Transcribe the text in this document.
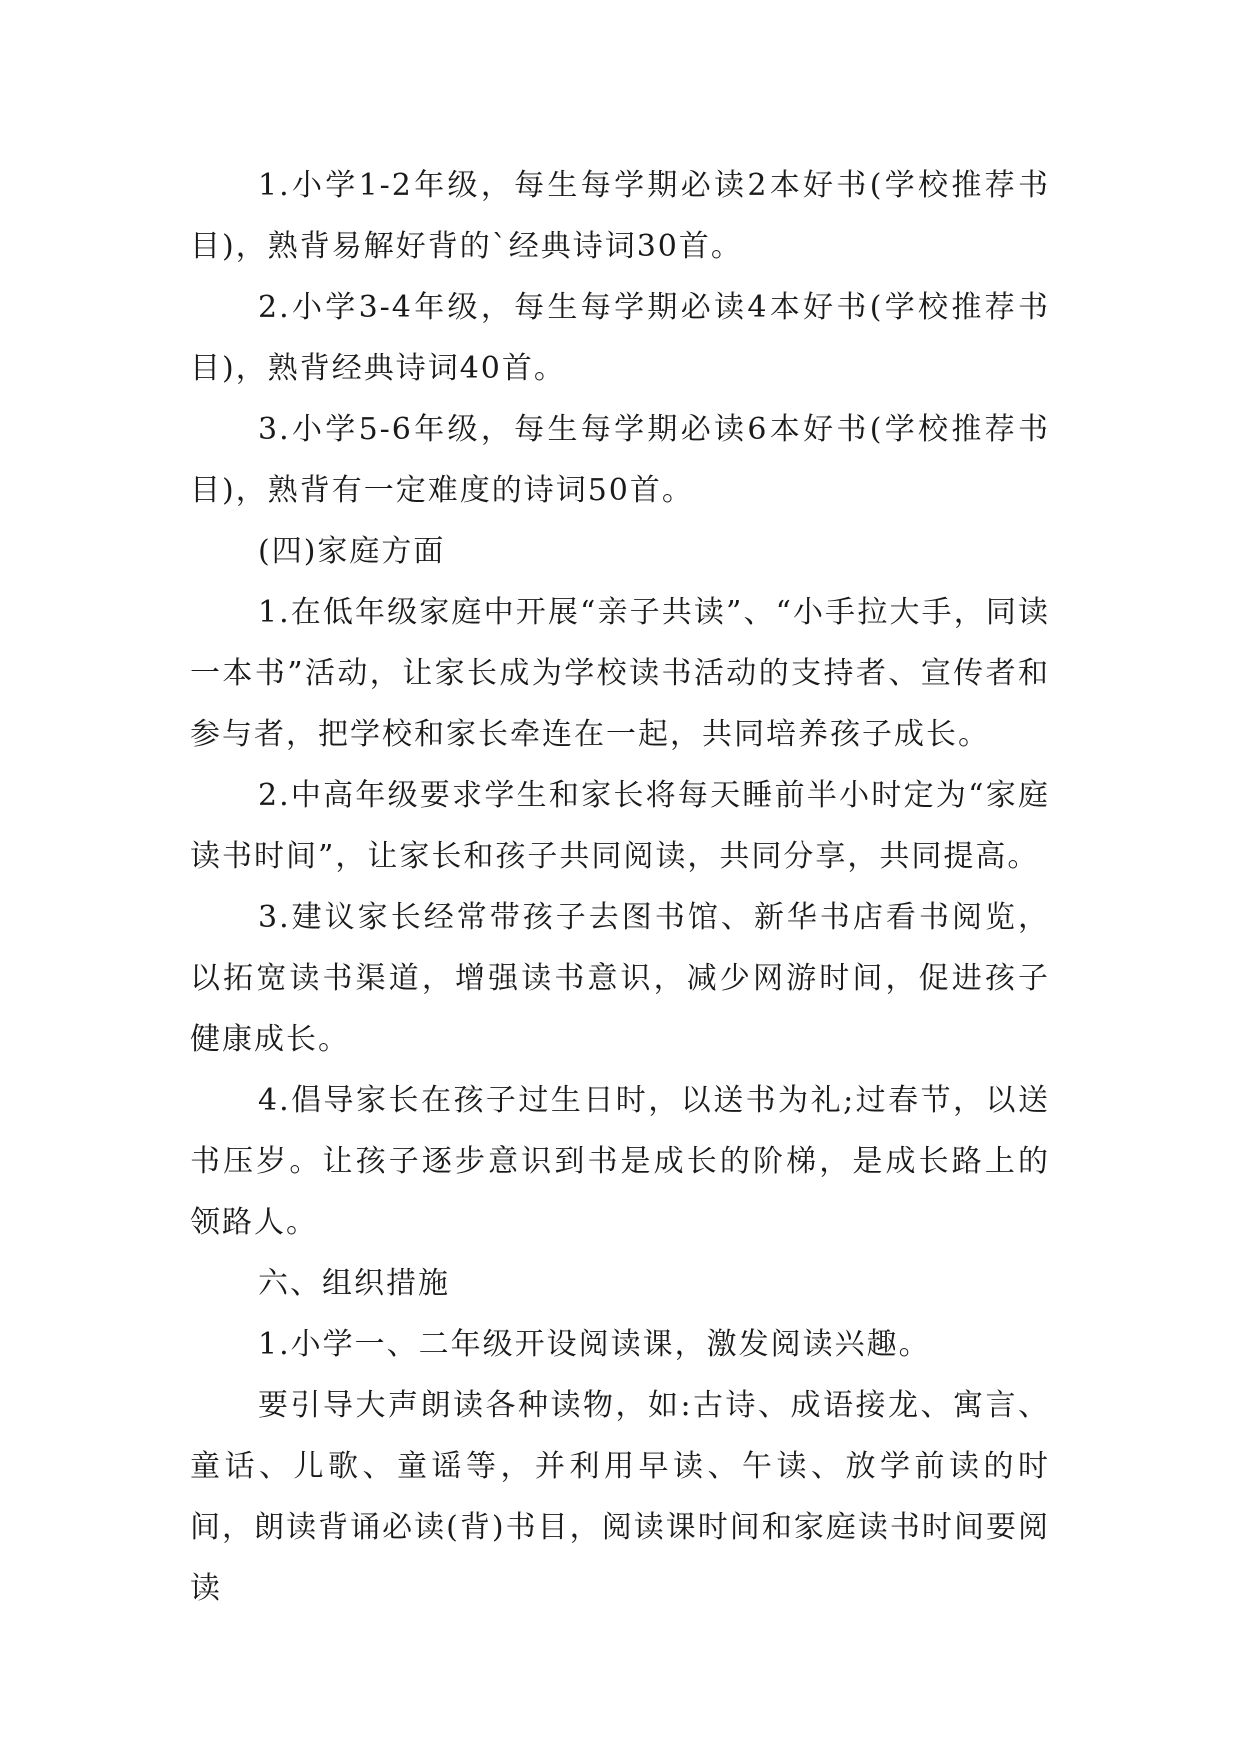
1.小学1-2年级，每生每学期必读2本好书(学校推荐书目)，熟背易解好背的`经典诗词30首。

2.小学3-4年级，每生每学期必读4本好书(学校推荐书目)，熟背经典诗词40首。

3.小学5-6年级，每生每学期必读6本好书(学校推荐书目)，熟背有一定难度的诗词50首。

(四)家庭方面

1.在低年级家庭中开展“亲子共读”、“小手拉大手，同读一本书”活动，让家长成为学校读书活动的支持者、宣传者和参与者，把学校和家长牵连在一起，共同培养孩子成长。

2.中高年级要求学生和家长将每天睡前半小时定为“家庭读书时间”，让家长和孩子共同阅读，共同分享，共同提高。

3.建议家长经常带孩子去图书馆、新华书店看书阅览，以拓宽读书渠道，增强读书意识，减少网游时间，促进孩子健康成长。

4.倡导家长在孩子过生日时，以送书为礼;过春节，以送书压岁。让孩子逐步意识到书是成长的阶梯，是成长路上的领路人。

六、组织措施

1.小学一、二年级开设阅读课，激发阅读兴趣。

要引导大声朗读各种读物，如:古诗、成语接龙、寓言、童话、儿歌、童谣等，并利用早读、午读、放学前读的时间，朗读背诵必读(背)书目，阅读课时间和家庭读书时间要阅读
